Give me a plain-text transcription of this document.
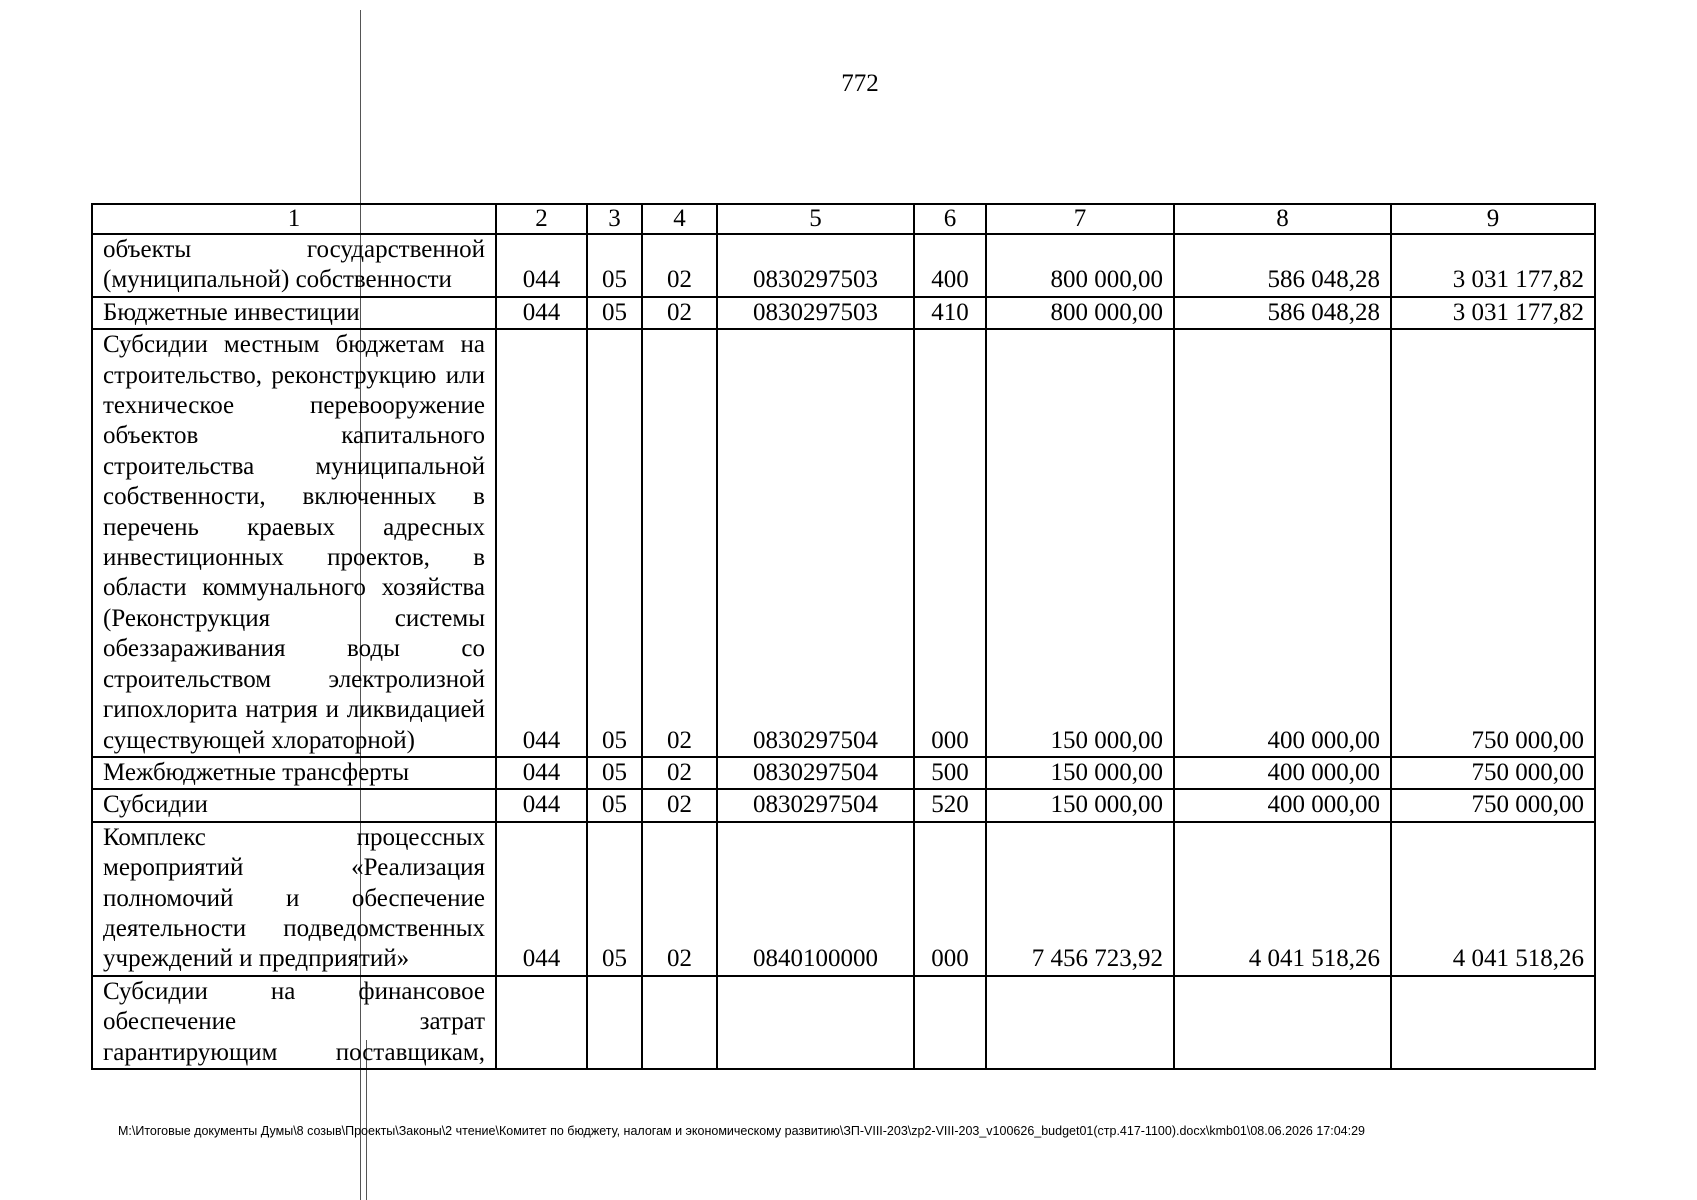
772
1	2	3	4	5	6	7	8	9
объекты государственной (муниципальной) собственности	044	05	02	0830297503	400	800 000,00	586 048,28	3 031 177,82
Бюджетные инвестиции	044	05	02	0830297503	410	800 000,00	586 048,28	3 031 177,82
Субсидии местным бюджетам на строительство, реконструкцию или техническое перевооружение объектов капитального строительства муниципальной собственности, включенных в перечень краевых адресных инвестиционных проектов, в области коммунального хозяйства (Реконструкция системы обеззараживания воды со строительством электролизной гипохлорита натрия и ликвидацией существующей хлораторной)	044	05	02	0830297504	000	150 000,00	400 000,00	750 000,00
Межбюджетные трансферты	044	05	02	0830297504	500	150 000,00	400 000,00	750 000,00
Субсидии	044	05	02	0830297504	520	150 000,00	400 000,00	750 000,00
Комплекс процессных мероприятий «Реализация полномочий и обеспечение деятельности подведомственных учреждений и предприятий»	044	05	02	0840100000	000	7 456 723,92	4 041 518,26	4 041 518,26
Субсидии на финансовое обеспечение затрат гарантирующим поставщикам,								
M:\Итоговые документы Думы\8 созыв\Проекты\Законы\2 чтение\Комитет по бюджету, налогам и экономическому развитию\ЗП-VIII-203\zp2-VIII-203_v100626_budget01(стр.417-1100).docx\kmb01\08.06.2026 17:04:29
